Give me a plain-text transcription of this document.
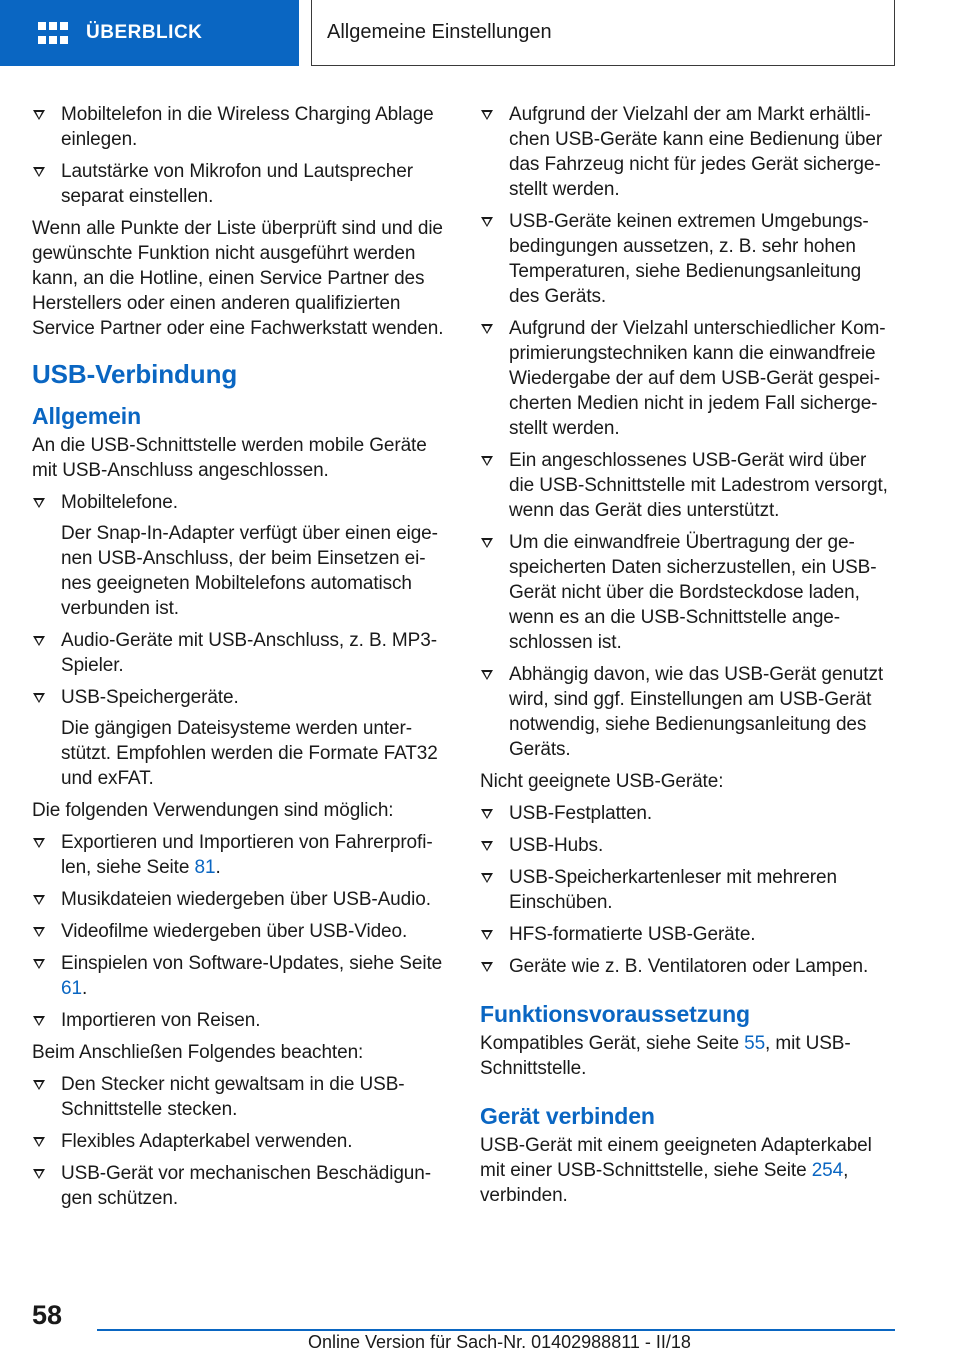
ÜBERBLICK	Allgemeine Einstellungen
Mobiltelefon in die Wireless Charging Ablage einlegen.
Lautstärke von Mikrofon und Lautsprecher separat einstellen.

Wenn alle Punkte der Liste überprüft sind und die gewünschte Funktion nicht ausgeführt werden kann, an die Hotline, einen Service Partner des Herstellers oder einen anderen qualifizierten Service Partner oder eine Fachwerkstatt wenden.

USB-Verbindung
Allgemein

An die USB-Schnittstelle werden mobile Geräte mit USB-Anschluss angeschlossen.

Mobiltelefone.
Der Snap-In-Adapter verfügt über einen eigenen USB-Anschluss, der beim Einsetzen eines geeigneten Mobiltelefons automatisch verbunden ist.
Audio-Geräte mit USB-Anschluss, z. B. MP3-Spieler.
USB-Speichergeräte.
Die gängigen Dateisysteme werden unterstützt. Empfohlen werden die Formate FAT32 und exFAT.

Die folgenden Verwendungen sind möglich:

Exportieren und Importieren von Fahrerprofilen, siehe Seite 81.
Musikdateien wiedergeben über USB-Audio.
Videofilme wiedergeben über USB-Video.
Einspielen von Software-Updates, siehe Seite 61.
Importieren von Reisen.

Beim Anschließen Folgendes beachten:

Den Stecker nicht gewaltsam in die USB-Schnittstelle stecken.
Flexibles Adapterkabel verwenden.
USB-Gerät vor mechanischen Beschädigungen schützen.
Aufgrund der Vielzahl der am Markt erhältlichen USB-Geräte kann eine Bedienung über das Fahrzeug nicht für jedes Gerät sichergestellt werden.
USB-Geräte keinen extremen Umgebungsbedingungen aussetzen, z. B. sehr hohen Temperaturen, siehe Bedienungsanleitung des Geräts.
Aufgrund der Vielzahl unterschiedlicher Komprimierungstechniken kann die einwandfreie Wiedergabe der auf dem USB-Gerät gespeicherten Medien nicht in jedem Fall sichergestellt werden.
Ein angeschlossenes USB-Gerät wird über die USB-Schnittstelle mit Ladestrom versorgt, wenn das Gerät dies unterstützt.
Um die einwandfreie Übertragung der gespeicherten Daten sicherzustellen, ein USB-Gerät nicht über die Bordsteckdose laden, wenn es an die USB-Schnittstelle angeschlossen ist.
Abhängig davon, wie das USB-Gerät genutzt wird, sind ggf. Einstellungen am USB-Gerät notwendig, siehe Bedienungsanleitung des Geräts.

Nicht geeignete USB-Geräte:

USB-Festplatten.
USB-Hubs.
USB-Speicherkartenleser mit mehreren Einschüben.
HFS-formatierte USB-Geräte.
Geräte wie z. B. Ventilatoren oder Lampen.
Funktionsvoraussetzung

Kompatibles Gerät, siehe Seite 55, mit USB-Schnittstelle.

Gerät verbinden

USB-Gerät mit einem geeigneten Adapterkabel mit einer USB-Schnittstelle, siehe Seite 254, verbinden.

58
Online Version für Sach-Nr. 01402988811 - II/18
